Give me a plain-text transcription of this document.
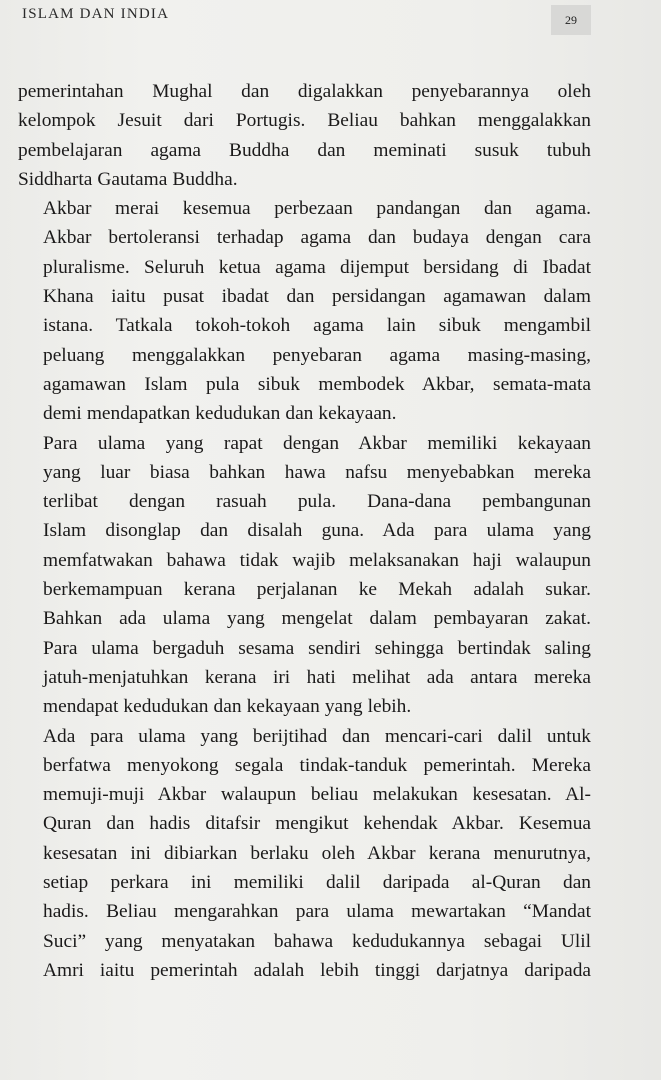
ISLAM DAN INDIA	29

pemerintahan Mughal dan digalakkan penyebarannya oleh
kelompok Jesuit dari Portugis. Beliau bahkan menggalakkan
pembelajaran agama Buddha dan meminati susuk tubuh
Siddharta Gautama Buddha.

Akbar merai kesemua perbezaan pandangan dan agama.
Akbar bertoleransi terhadap agama dan budaya dengan cara
pluralisme. Seluruh ketua agama dijemput bersidang di Ibadat
Khana iaitu pusat ibadat dan persidangan agamawan dalam
istana. Tatkala tokoh-tokoh agama lain sibuk mengambil
peluang menggalakkan penyebaran agama masing-masing,
agamawan Islam pula sibuk membodek Akbar, semata-mata
demi mendapatkan kedudukan dan kekayaan.

Para ulama yang rapat dengan Akbar memiliki kekayaan
yang luar biasa bahkan hawa nafsu menyebabkan mereka
terlibat dengan rasuah pula. Dana-dana pembangunan
Islam disonglap dan disalah guna. Ada para ulama yang
memfatwakan bahawa tidak wajib melaksanakan haji walaupun
berkemampuan kerana perjalanan ke Mekah adalah sukar.
Bahkan ada ulama yang mengelat dalam pembayaran zakat.
Para ulama bergaduh sesama sendiri sehingga bertindak saling
jatuh-menjatuhkan kerana iri hati melihat ada antara mereka
mendapat kedudukan dan kekayaan yang lebih.

Ada para ulama yang berijtihad dan mencari-cari dalil untuk
berfatwa menyokong segala tindak-tanduk pemerintah. Mereka
memuji-muji Akbar walaupun beliau melakukan kesesatan. Al-
Quran dan hadis ditafsir mengikut kehendak Akbar. Kesemua
kesesatan ini dibiarkan berlaku oleh Akbar kerana menurutnya,
setiap perkara ini memiliki dalil daripada al-Quran dan
hadis. Beliau mengarahkan para ulama mewartakan “Mandat
Suci” yang menyatakan bahawa kedudukannya sebagai Ulil
Amri iaitu pemerintah adalah lebih tinggi darjatnya daripada
